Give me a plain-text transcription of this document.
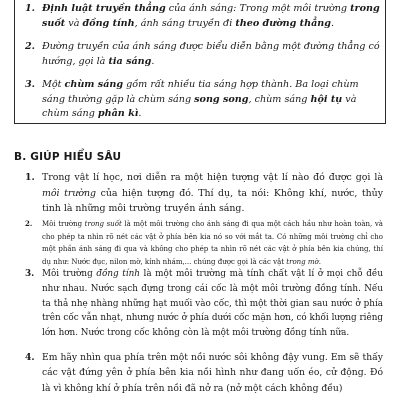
1. Định luật truyền thẳng của ánh sáng: Trong một môi trường trong suốt và đồng tính, ánh sáng truyền đi theo đường thẳng.

2. Đường truyền của ánh sáng được biểu diễn bằng một đường thẳng có hướng, gọi là tia sáng.

3. Một chùm sáng gồm rất nhiều tia sáng hợp thành. Ba loại chùm sáng thường gặp là chùm sáng song song, chùm sáng hội tụ và chùm sáng phân kì.

B. GIÚP HIỂU SÂU

1. Trong vật lí học, nơi diễn ra một hiện tượng vật lí nào đó được gọi là môi trường của hiện tượng đó. Thí dụ, ta nói: Không khí, nước, thủy tinh là những môi trường truyền ánh sáng.

2. Môi trường trong suốt là một môi trường cho ánh sáng đi qua một cách hầu như hoàn toàn, và cho phép ta nhìn rõ nét các vật ở phía bên kia nó so với mắt ta. Có những môi trường chỉ cho một phần ánh sáng đi qua và không cho phép ta nhìn rõ nét các vật ở phía bên kia chúng, thí dụ như: Nước đục, nilon mờ, kính nhám,... chúng được gọi là các vật trong mờ.

3. Môi trường đồng tính là một môi trường mà tính chất vật lí ở mọi chỗ đều như nhau. Nước sạch đựng trong cái cốc là một môi trường đồng tính. Nếu ta thả nhẹ nhàng những hạt muối vào cốc, thì một thời gian sau nước ở phía trên cốc vẫn nhạt, nhưng nước ở phía dưới cốc mặn hơn, có khối lượng riêng lớn hơn. Nước trong cốc không còn là một môi trường đồng tính nữa.

4. Em hãy nhìn qua phía trên một nồi nước sôi không đậy vung. Em sẽ thấy các vật đứng yên ở phía bên kia nồi hình như đang uốn éo, cử động. Đó là vì không khí ở phía trên nồi đã nở ra (nở một cách không đều)
